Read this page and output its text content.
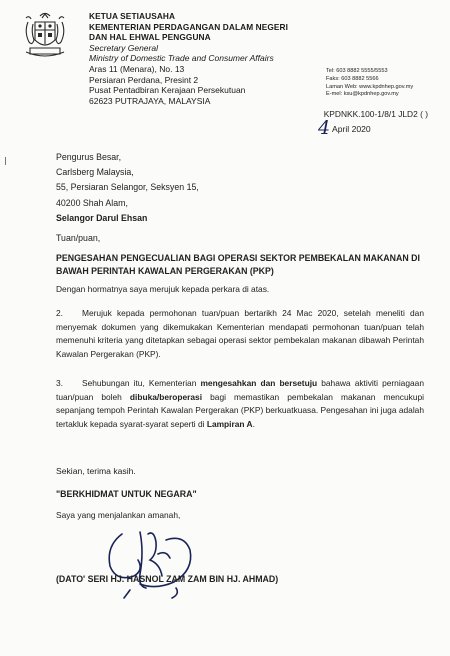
KETUA SETIAUSAHA
KEMENTERIAN PERDAGANGAN DALAM NEGERI
DAN HAL EHWAL PENGGUNA
Secretary General
Ministry of Domestic Trade and Consumer Affairs
Aras 11 (Menara), No. 13
Persiaran Perdana, Presint 2
Pusat Pentadbiran Kerajaan Persekutuan
62623 PUTRAJAYA, MALAYSIA
Tel: 603 8882 5555/5553
Faks: 603 8882 5566
Laman Web: www.kpdnhep.gov.my
E-mel: ksu@kpdnhep.gov.my
KPDNKK.100-1/8/1 JLD2 ( )
4 April 2020
Pengurus Besar,
Carlsberg Malaysia,
55, Persiaran Selangor, Seksyen 15,
40200 Shah Alam,
Selangor Darul Ehsan
Tuan/puan,
PENGESAHAN PENGECUALIAN BAGI OPERASI SEKTOR PEMBEKALAN MAKANAN DI BAWAH PERINTAH KAWALAN PERGERAKAN (PKP)
Dengan hormatnya saya merujuk kepada perkara di atas.
2. Merujuk kepada permohonan tuan/puan bertarikh 24 Mac 2020, setelah meneliti dan menyemak dokumen yang dikemukakan Kementerian mendapati permohonan tuan/puan telah memenuhi kriteria yang ditetapkan sebagai operasi sektor pembekalan makanan dibawah Perintah Kawalan Pergerakan (PKP).
3. Sehubungan itu, Kementerian mengesahkan dan bersetuju bahawa aktiviti perniagaan tuan/puan boleh dibuka/beroperasi bagi memastikan pembekalan makanan mencukupi sepanjang tempoh Perintah Kawalan Pergerakan (PKP) berkuatkuasa. Pengesahan ini juga adalah tertakluk kepada syarat-syarat seperti di Lampiran A.
Sekian, terima kasih.
"BERKHIDMAT UNTUK NEGARA"
Saya yang menjalankan amanah,
(DATO' SERI HJ. HASNOL ZAM ZAM BIN HJ. AHMAD)
